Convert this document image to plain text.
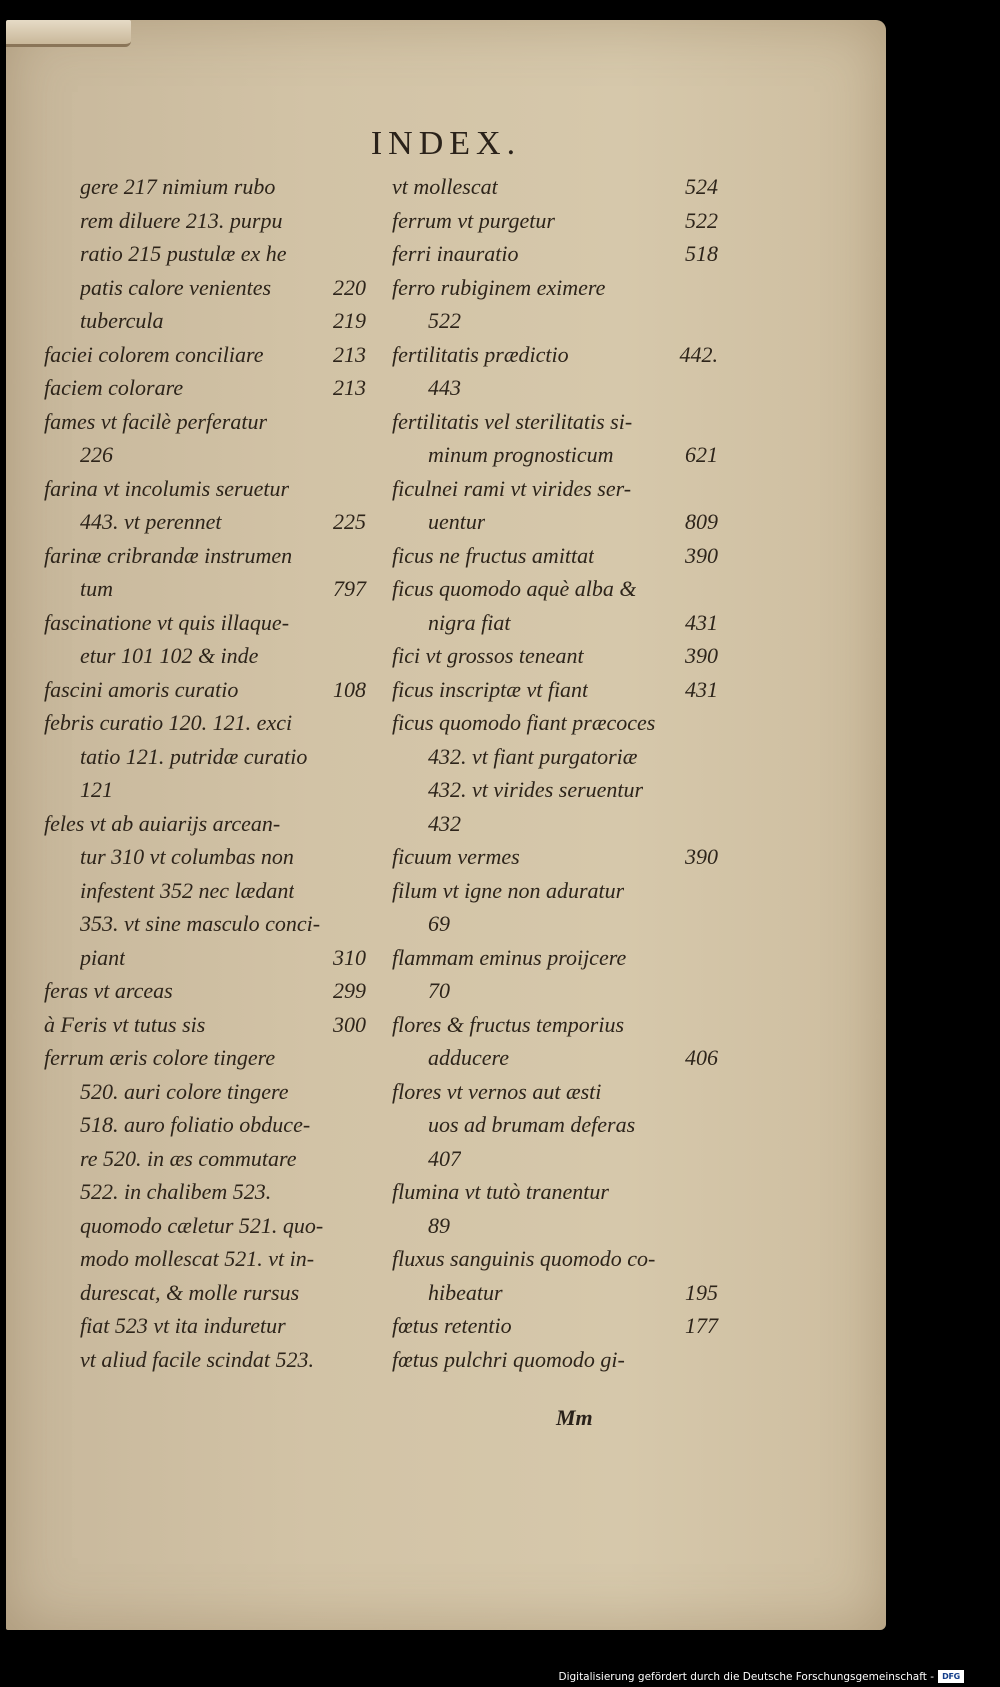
INDEX.
gere 217 nimium rubo
rem diluere 213. purpu
ratio 215 pustulæ ex he
patis calore venientes	220
tubercula	219
faciei colorem conciliare	213
faciem colorare	213
fames vt facilè perferatur
226
farina vt incolumis seruetur
443. vt perennet	225
farinæ cribrandæ instrumen
tum	797
fascinatione vt quis illaque-
etur 101 102 & inde
fascini amoris curatio	108
febris curatio 120. 121. exci
tatio 121. putridæ curatio
121
feles vt ab auiarijs arcean-
tur 310 vt columbas non
infestent 352 nec lædant
353. vt sine masculo conci-
piant	310
feras vt arceas	299
à Feris vt tutus sis	300
ferrum æris colore tingere
520. auri colore tingere
518. auro foliatio obduce-
re 520. in æs commutare
522. in chalibem 523.
quomodo cæletur 521. quo-
modo mollescat 521. vt in-
durescat, & molle rursus
fiat 523 vt ita induretur
vt aliud facile scindat 523.
vt mollescat	524
ferrum vt purgetur	522
ferri inauratio	518
ferro rubiginem eximere
522
fertilitatis prædictio	442.
443
fertilitatis vel sterilitatis si-
minum prognosticum	621
ficulnei rami vt virides ser-
uentur	809
ficus ne fructus amittat	390
ficus quomodo aquè alba &
nigra fiat	431
fici vt grossos teneant	390
ficus inscriptæ vt fiant	431
ficus quomodo fiant præcoces
432. vt fiant purgatoriæ
432. vt virides seruentur
432
ficuum vermes	390
filum vt igne non aduratur
69
flammam eminus proijcere
70
flores & fructus temporius
adducere	406
flores vt vernos aut æsti
uos ad brumam deferas
407
flumina vt tutò tranentur
89
fluxus sanguinis quomodo co-
hibeatur	195
fœtus retentio	177
fœtus pulchri quomodo gi-
Mm
Digitalisierung gefördert durch die Deutsche Forschungsgemeinschaft -	DFG
